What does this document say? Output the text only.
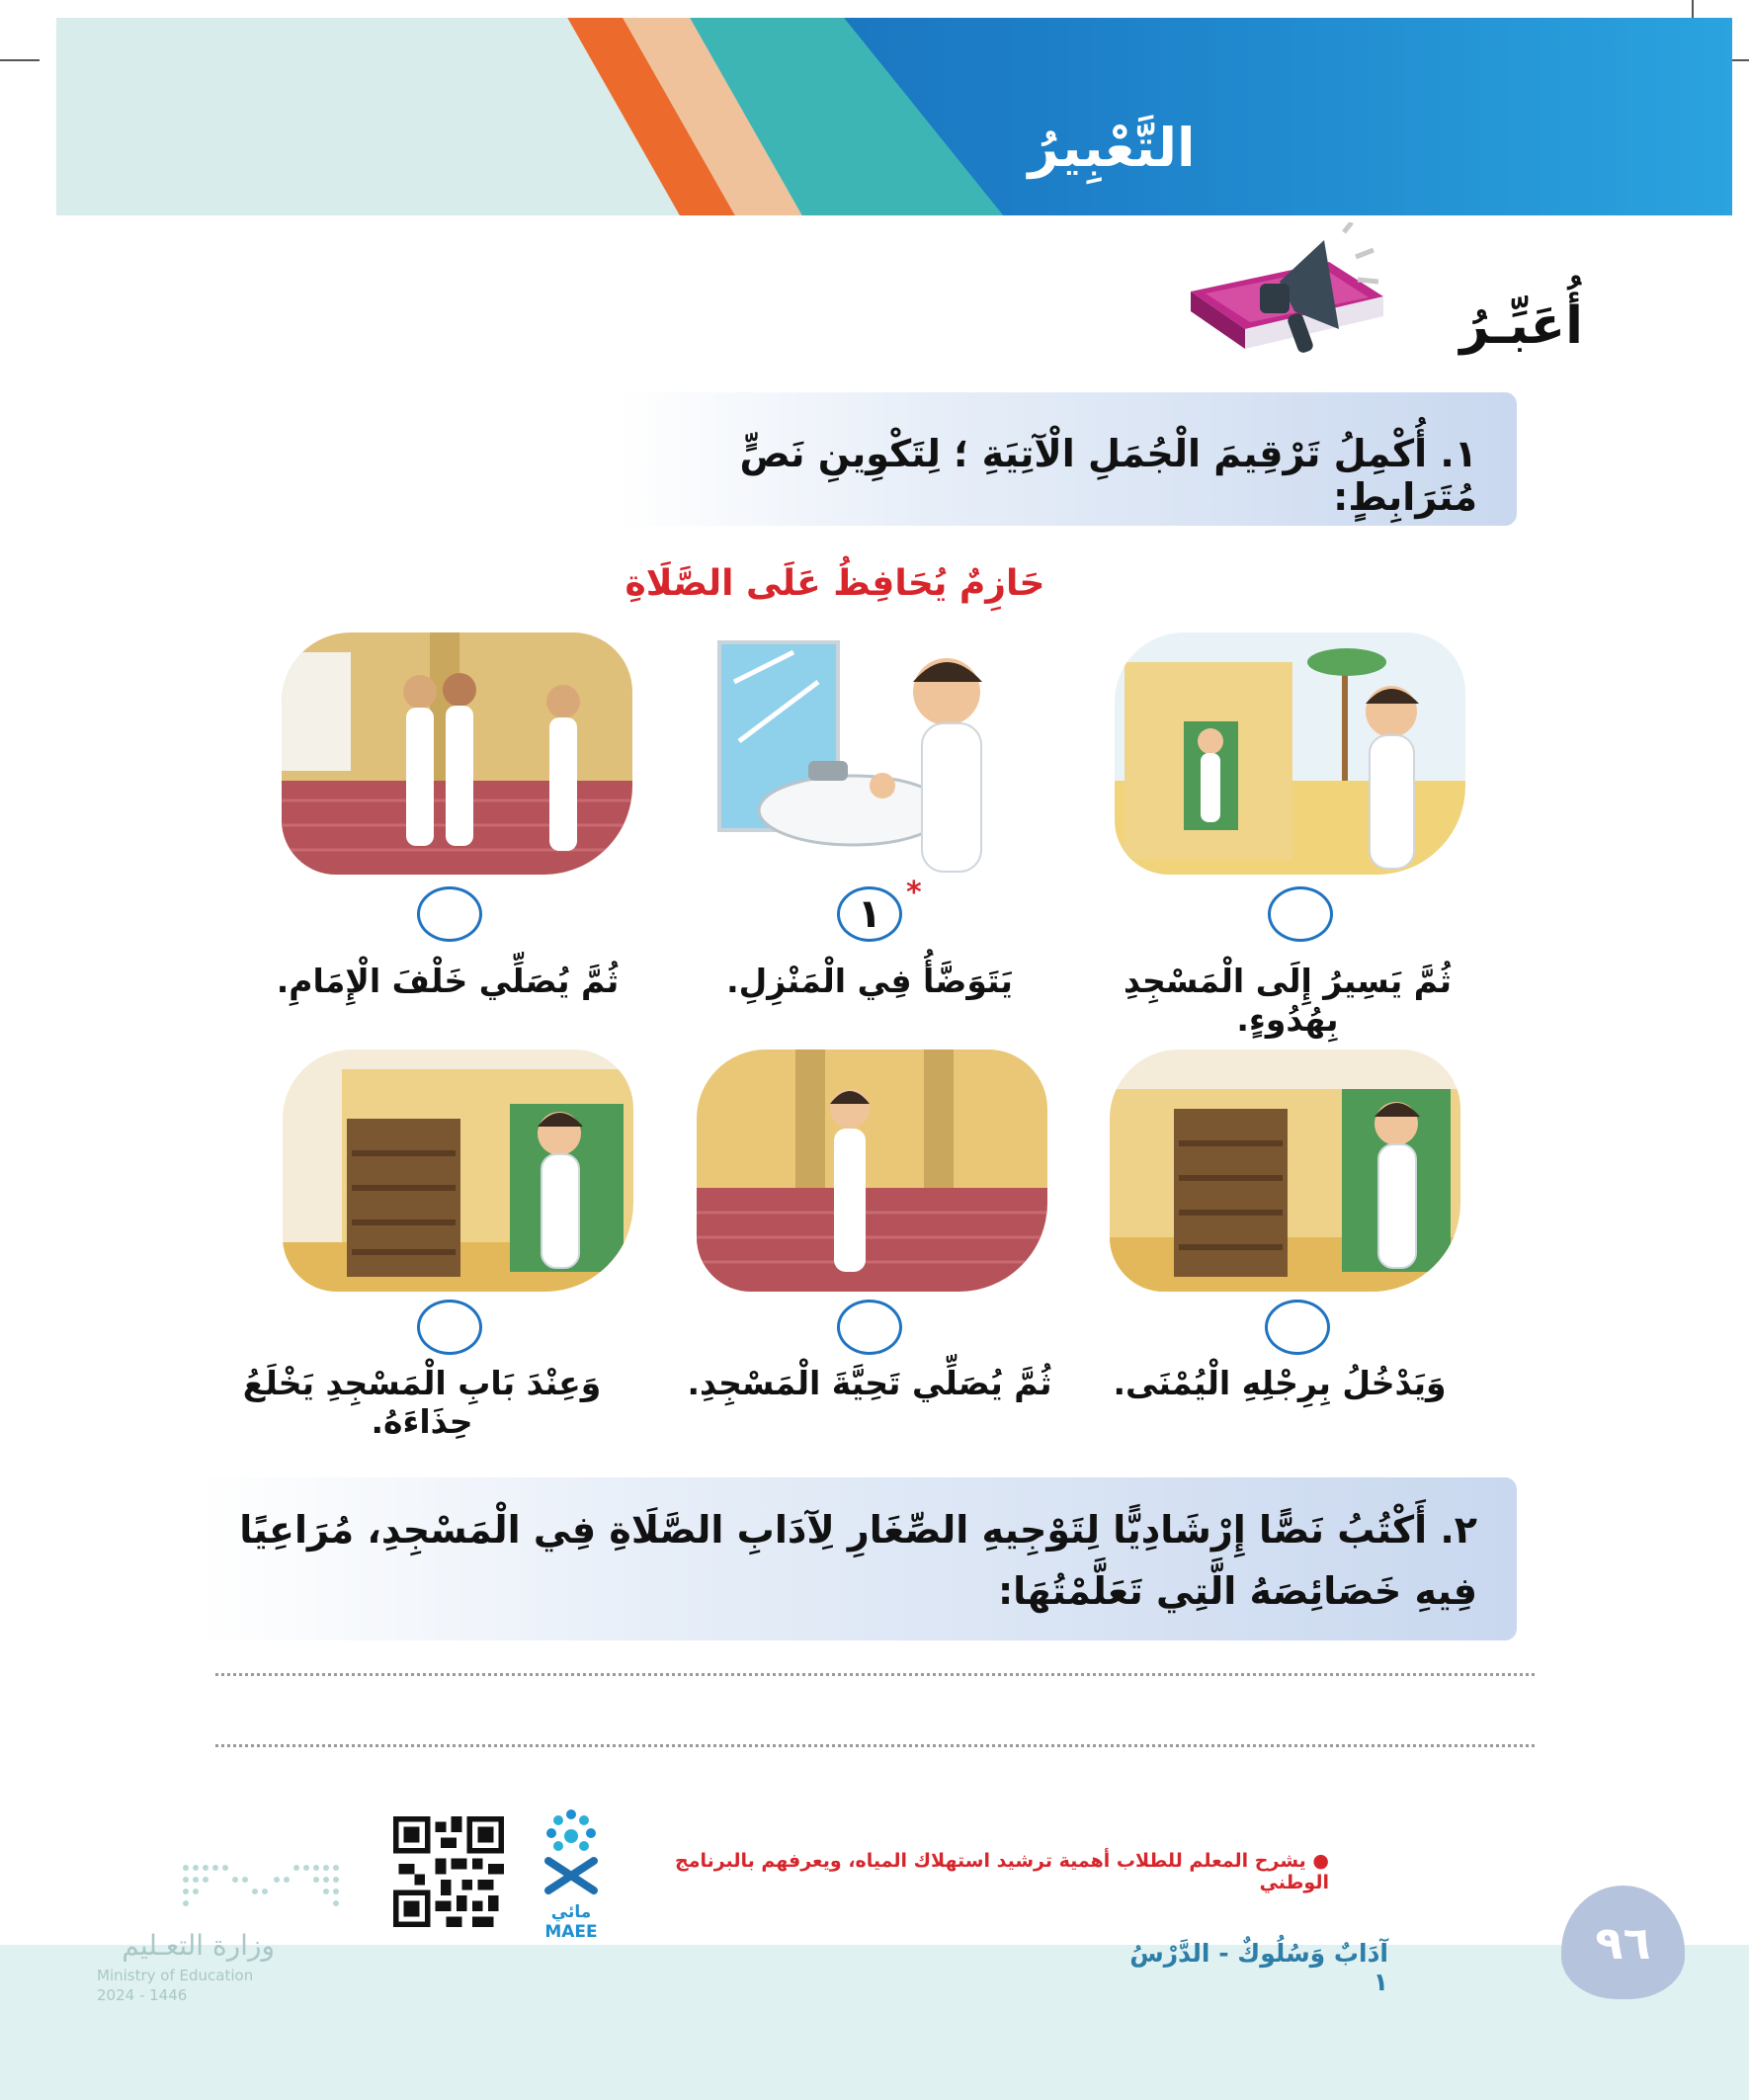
التَّعْبِيرُ
أُعَبِّـرُ
١. أُكْمِلُ تَرْقِيمَ الْجُمَلِ الْآتِيَةِ ؛ لِتَكْوِينِ نَصٍّ مُتَرَابِطٍ:
حَازِمٌ يُحَافِظُ عَلَى الصَّلَاةِ
١ *
ثُمَّ يَسِيرُ إِلَى الْمَسْجِدِ بِهُدُوءٍ.
يَتَوَضَّأُ فِي الْمَنْزِلِ.
ثُمَّ يُصَلِّي خَلْفَ الْإِمَامِ.
وَيَدْخُلُ بِرِجْلِهِ الْيُمْنَى.
ثُمَّ يُصَلِّي تَحِيَّةَ الْمَسْجِدِ.
وَعِنْدَ بَابِ الْمَسْجِدِ يَخْلَعُ حِذَاءَهُ.
٢. أَكْتُبُ نَصًّا إِرْشَادِيًّا لِتَوْجِيهِ الصِّغَارِ لِآدَابِ الصَّلَاةِ فِي الْمَسْجِدِ، مُرَاعِيًا فِيهِ خَصَائِصَهُ الَّتِي تَعَلَّمْتُهَا:
● يشرح المعلم للطلاب أهمية ترشيد استهلاك المياه، ويعرفهم بالبرنامج الوطني
مائي
MAEE
وزارة التعـليم
Ministry of Education
2024 - 1446
آدَابٌ وَسُلُوكٌ - الدَّرْسُ ١
٩٦
